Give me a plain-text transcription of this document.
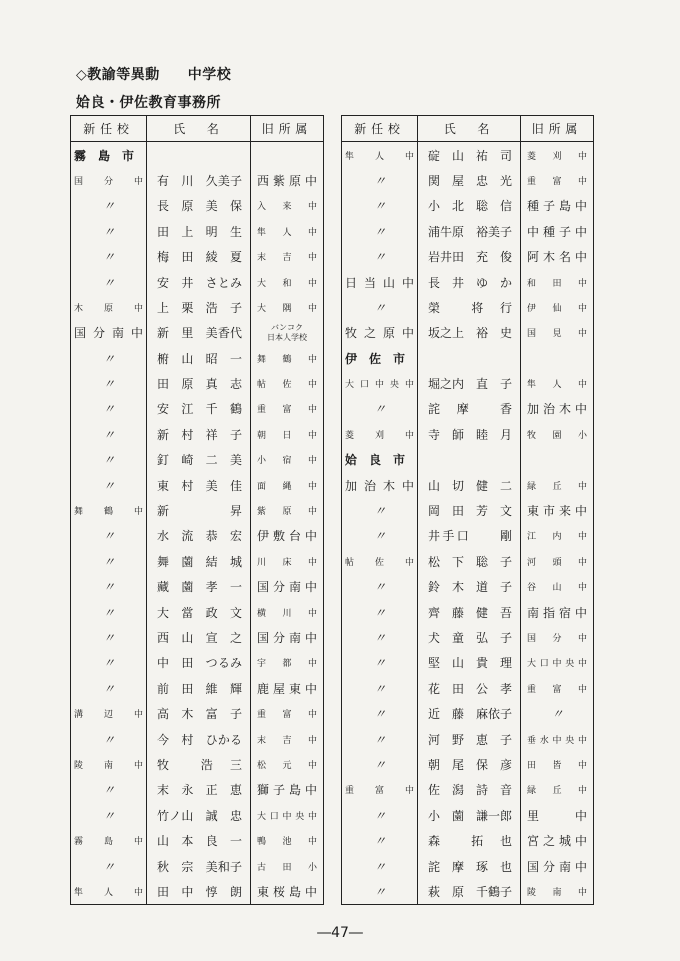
◇教諭等異動 中学校
姶良・伊佐教育事務所
新任校	氏　名	旧所属
霧　島　市		
国　分　中	有　川　久美子	西紫原中
〃	長　原　美　保	入　来　中
〃	田　上　明　生	隼　人　中
〃	梅　田　綾　夏	末　吉　中
〃	安　井　さとみ	大　和　中
木　原　中	上　栗　浩　子	大　隅　中
国分南中	新　里　美香代	バンコク
日本人学校

〃	椨　山　昭　一	舞　鶴　中
〃	田　原　真　志	帖　佐　中
〃	安　江　千　鶴	重　富　中
〃	新　村　祥　子	朝　日　中
〃	釘　崎　二　美	小　宿　中
〃	東　村　美　佳	面　縄　中
舞　鶴　中	新　　　昇	紫　原　中
〃	水　流　恭　宏	伊敷台中
〃	舞　薗　結　城	川　床　中
〃	藏　薗　孝　一	国分南中
〃	大　當　政　文	横　川　中
〃	西　山　宣　之	国分南中
〃	中　田　つるみ	宇　都　中
〃	前　田　維　輝	鹿屋東中
溝　辺　中	高　木　富　子	重　富　中
〃	今　村　ひかる	末　吉　中
陵　南　中	牧　　浩　三	松　元　中
〃	末　永　正　恵	獅子島中
〃	竹ノ山　誠　忠	大口中央中
霧　島　中	山　本　良　一	鴨　池　中
〃	秋　宗　美和子	古　田　小
隼　人　中	田　中　惇　朗	東桜島中
新任校	氏　名	旧所属
隼　人　中	碇　山　祐　司	菱　刈　中
〃	関　屋　忠　光	重　富　中
〃	小　北　聡　信	種子島中
〃	浦牛原　裕美子	中種子中
〃	岩井田　充　俊	阿木名中
日当山中	長　井　ゆ　か	和　田　中
〃	榮　　将　行	伊　仙　中
牧之原中	坂之上　裕　史	国　見　中
伊　佐　市		
大口中央中	堀之内　直　子	隼　人　中
〃	詫　摩　　香	加治木中
菱　刈　中	寺　師　睦　月	牧　園　小
姶　良　市		
加治木中	山　切　健　二	緑　丘　中
〃	岡　田　芳　文	東市来中
〃	井手口　　剛	江　内　中
帖　佐　中	松　下　聡　子	河　頭　中
〃	鈴　木　道　子	谷　山　中
〃	齊　藤　健　吾	南指宿中
〃	犬　童　弘　子	国　分　中
〃	堅　山　貴　理	大口中央中
〃	花　田　公　孝	重　富　中
〃	近　藤　麻依子	〃
〃	河　野　恵　子	垂水中央中
〃	朝　尾　保　彦	田　皆　中
重　富　中	佐　潟　詩　音	緑　丘　中
〃	小　薗　謙一郎	里　　中
〃	森　　拓　也	宮之城中
〃	詫　摩　琢　也	国分南中
〃	萩　原　千鶴子	陵　南　中
―47―
